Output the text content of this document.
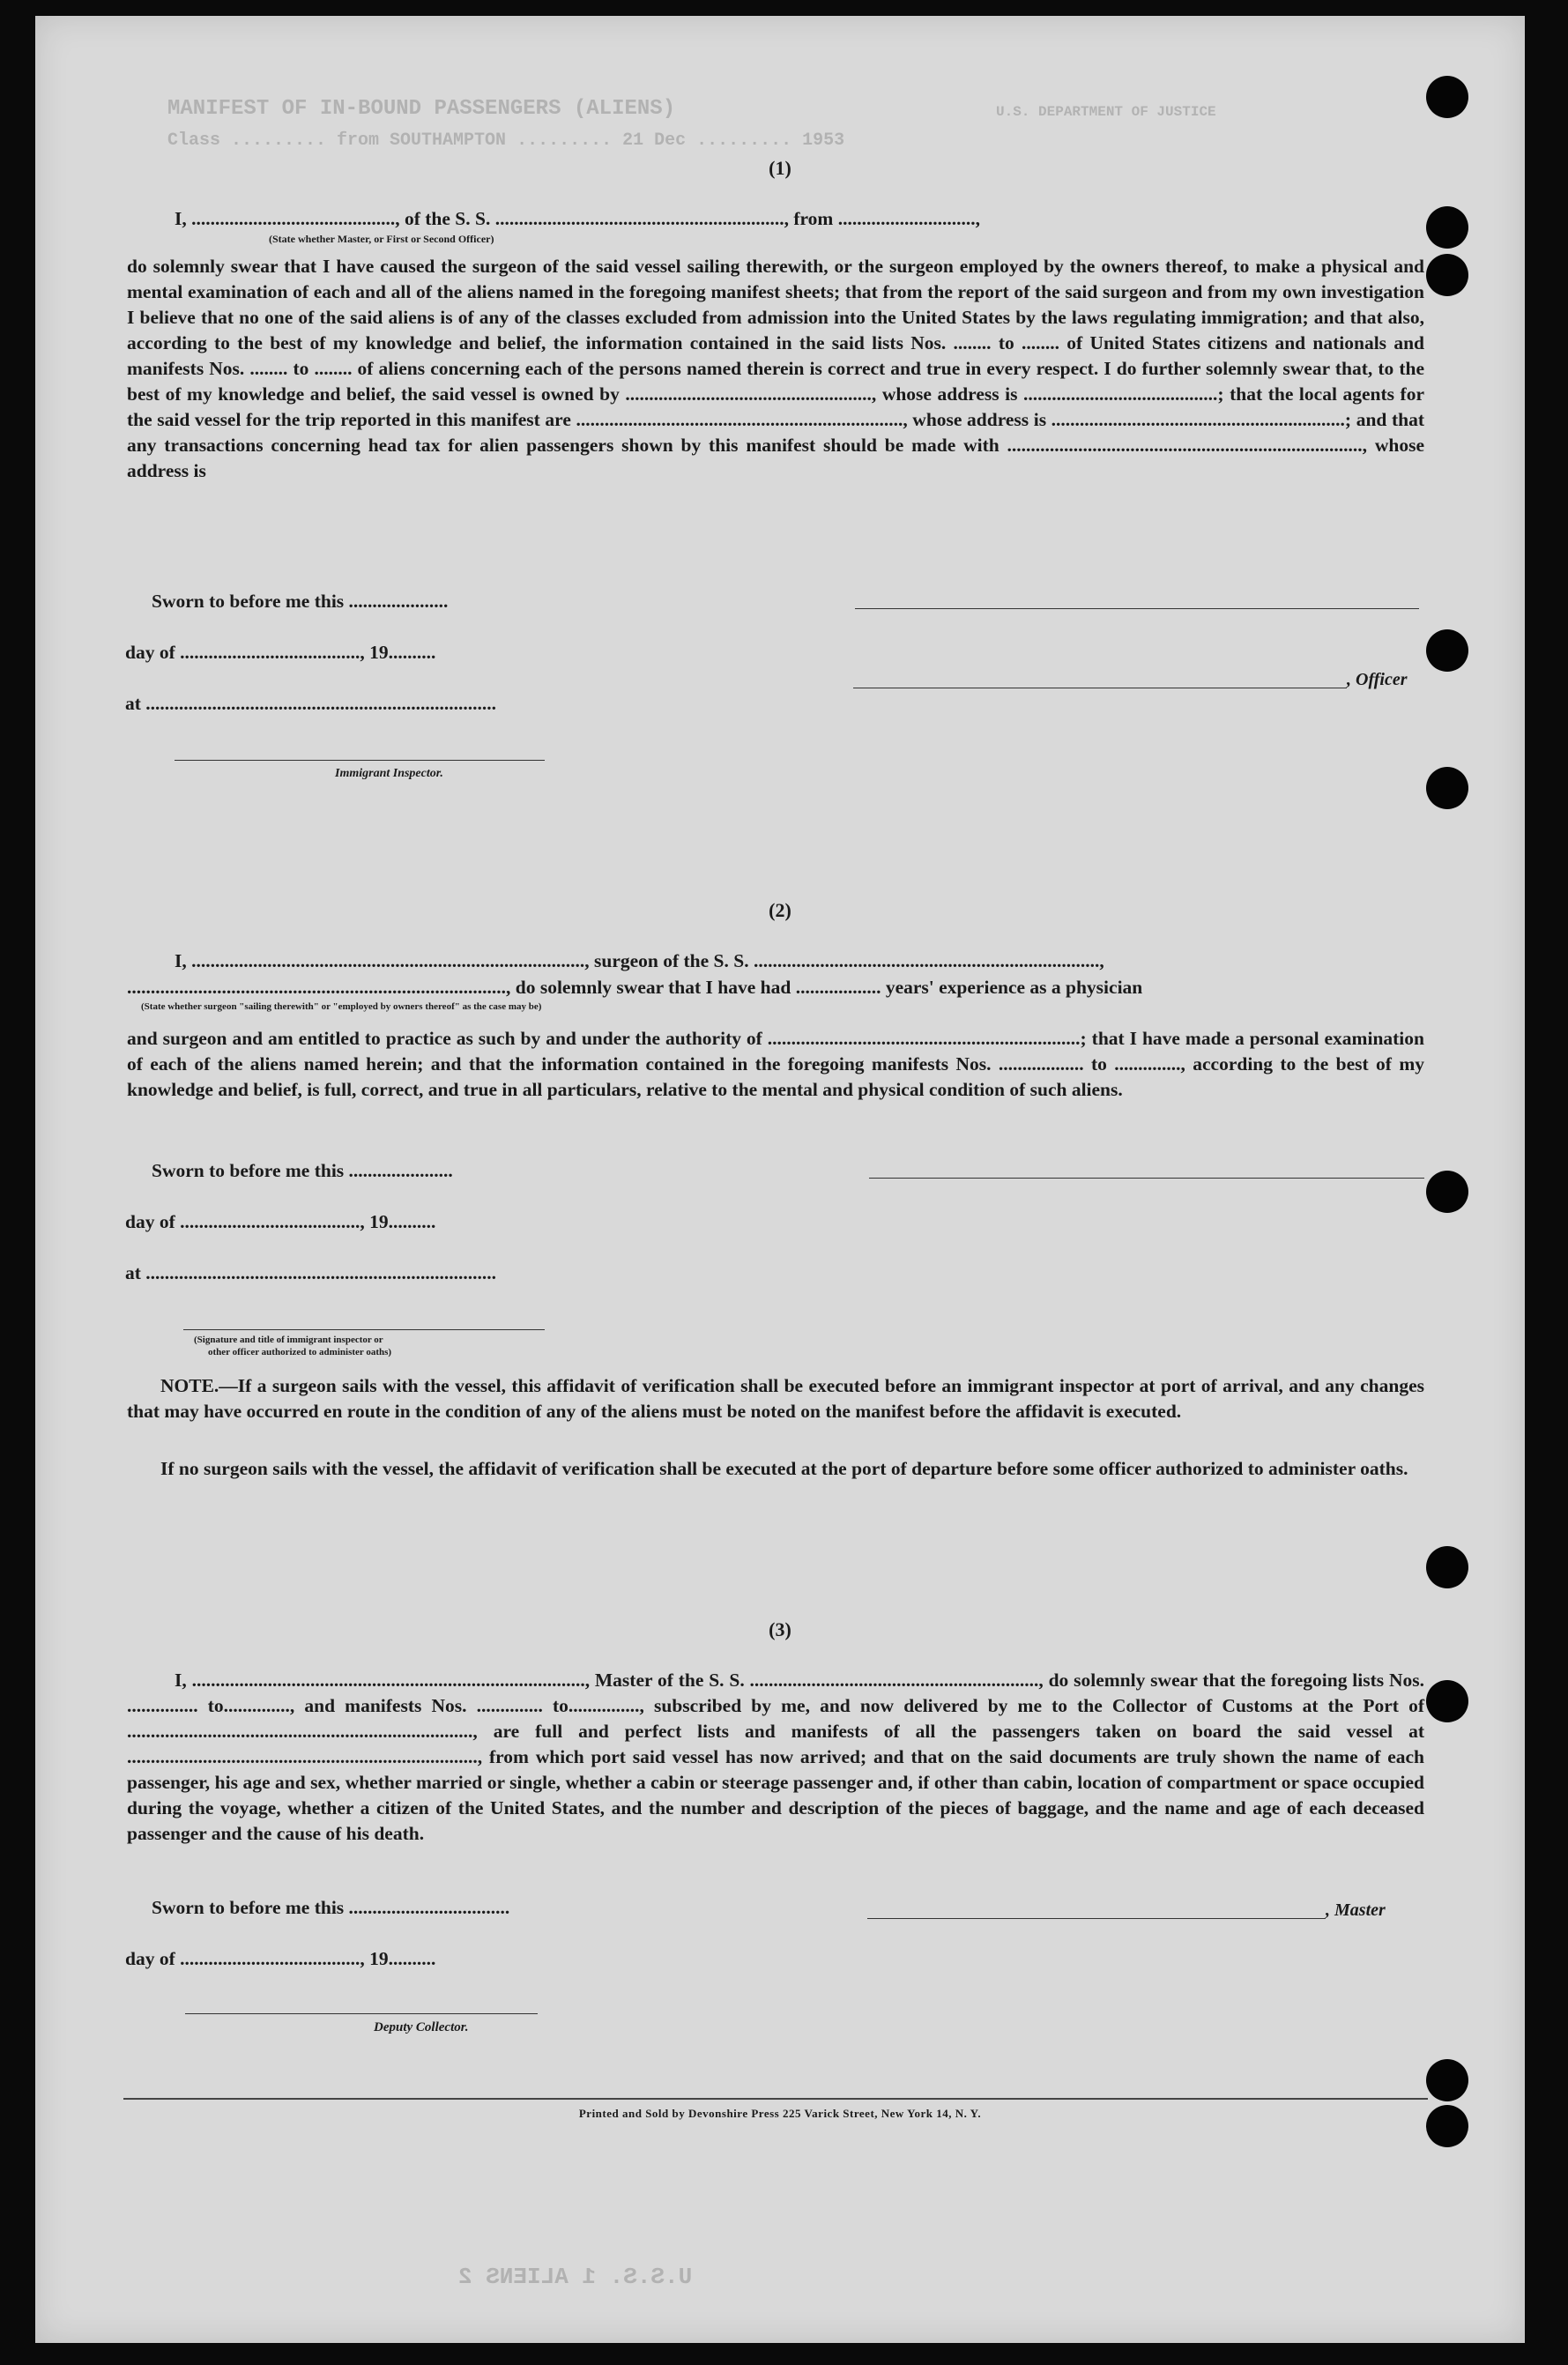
MANIFEST OF IN-BOUND PASSENGERS (ALIENS)
Class ......... from SOUTHAMPTON ......... 21 Dec ......... 1953
U.S. DEPARTMENT OF JUSTICE
U.S.S. 1 ALIENS 2
(1)
I, ..........................................., of the S. S. ............................................................., from .............................,
(State whether Master, or First or Second Officer)
do solemnly swear that I have caused the surgeon of the said vessel sailing therewith, or the surgeon employed by the owners thereof, to make a physical and mental examination of each and all of the aliens named in the foregoing manifest sheets; that from the report of the said surgeon and from my own investigation I believe that no one of the said aliens is of any of the classes excluded from admission into the United States by the laws regulating immigration; and that also, according to the best of my knowledge and belief, the information contained in the said lists Nos. ........ to ........ of United States citizens and nationals and manifests Nos. ........ to ........ of aliens concerning each of the persons named therein is correct and true in every respect. I do further solemnly swear that, to the best of my knowledge and belief, the said vessel is owned by ...................................................., whose address is .........................................; that the local agents for the said vessel for the trip reported in this manifest are ....................................................................., whose address is ..............................................................; and that any transactions concerning head tax for alien passengers shown by this manifest should be made with ..........................................................................., whose address is
Sworn to before me this .....................
day of ......................................, 19..........
, Officer
at ..........................................................................
Immigrant Inspector.
(2)
I, ..................................................................................., surgeon of the S. S. .........................................................................,
................................................................................, do solemnly swear that I have had .................. years' experience as a physician
(State whether surgeon "sailing therewith" or "employed by owners thereof" as the case may be)
and surgeon and am entitled to practice as such by and under the authority of ..................................................................; that I have made a personal examination of each of the aliens named herein; and that the information contained in the foregoing manifests Nos. .................. to .............., according to the best of my knowledge and belief, is full, correct, and true in all particulars, relative to the mental and physical condition of such aliens.
Sworn to before me this ......................
day of ......................................, 19..........
at ..........................................................................
(Signature and title of immigrant inspector or
other officer authorized to administer oaths)
NOTE.—If a surgeon sails with the vessel, this affidavit of verification shall be executed before an immigrant inspector at port of arrival, and any changes that may have occurred en route in the condition of any of the aliens must be noted on the manifest before the affidavit is executed.
If no surgeon sails with the vessel, the affidavit of verification shall be executed at the port of departure before some officer authorized to administer oaths.
(3)
I, ..................................................................................., Master of the S. S. ............................................................., do solemnly swear that the foregoing lists Nos. ............... to.............., and manifests Nos. .............. to..............., subscribed by me, and now delivered by me to the Collector of Customs at the Port of ........................................................................., are full and perfect lists and manifests of all the passengers taken on board the said vessel at .........................................................................., from which port said vessel has now arrived; and that on the said documents are truly shown the name of each passenger, his age and sex, whether married or single, whether a cabin or steerage passenger and, if other than cabin, location of compartment or space occupied during the voyage, whether a citizen of the United States, and the number and description of the pieces of baggage, and the name and age of each deceased passenger and the cause of his death.
Sworn to before me this ..................................	, Master
day of ......................................, 19..........
Deputy Collector.
Printed and Sold by Devonshire Press 225 Varick Street, New York 14, N. Y.
